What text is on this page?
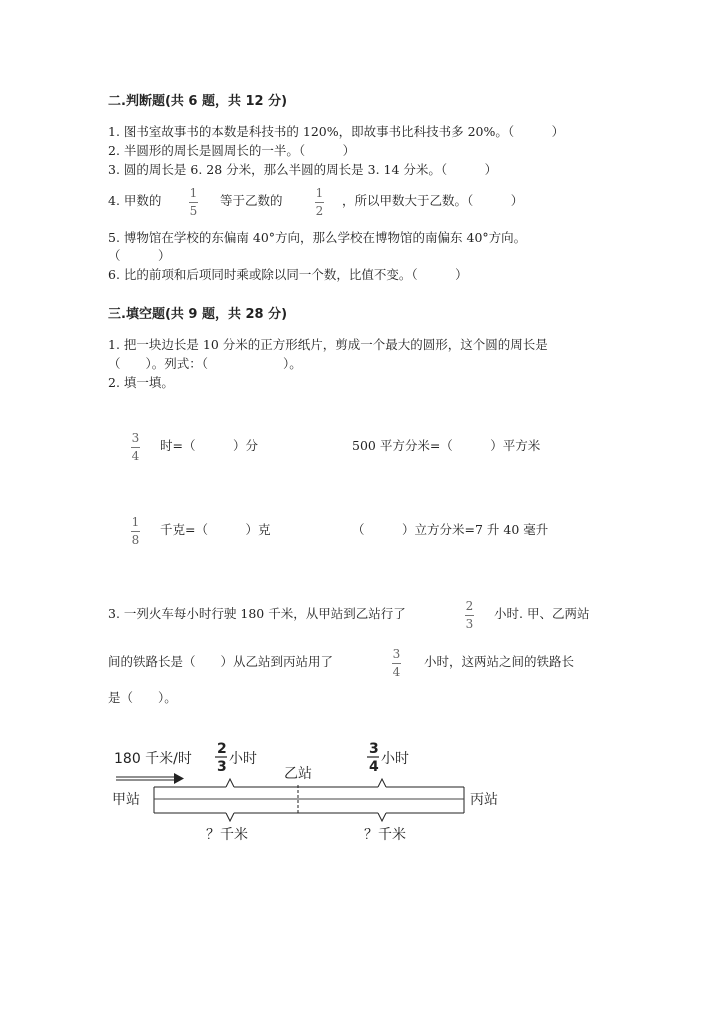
二.判断题(共 6 题，共 12 分)
1. 图书室故事书的本数是科技书的 120%，即故事书比科技书多 20%。（　　　）
2. 半圆形的周长是圆周长的一半。（　　　）
3. 圆的周长是 6. 28 分米，那么半圆的周长是 3. 14 分米。（　　　）
4. 甲数的 1
5
等于乙数的	1
2
，所以甲数大于乙数。（　　　）
5. 博物馆在学校的东偏南 40°方向，那么学校在博物馆的南偏东 40°方向。
（　　　）
6. 比的前项和后项同时乘或除以同一个数，比值不变。（　　　）
三.填空题(共 9 题，共 28 分)
1. 把一块边长是 10 分米的正方形纸片，剪成一个最大的圆形，这个圆的周长是
（　　）。列式：（　　　　　　）。
2. 填一填。
3
4
时=（　　　）分	500 平方分米=（　　　）平方米
1
8
千克=（　　　）克	（　　　）立方分米=7 升 40 毫升
3. 一列火车每小时行驶 180 千米，从甲站到乙站行了	2
3
小时. 甲、乙两站
间的铁路长是（　　）从乙站到丙站用了	3
4
小时，这两站之间的铁路长
是（　　）。
180 千米/时
2
3 小时
3
4 小时
乙站
甲站	丙站
？千米	？千米
